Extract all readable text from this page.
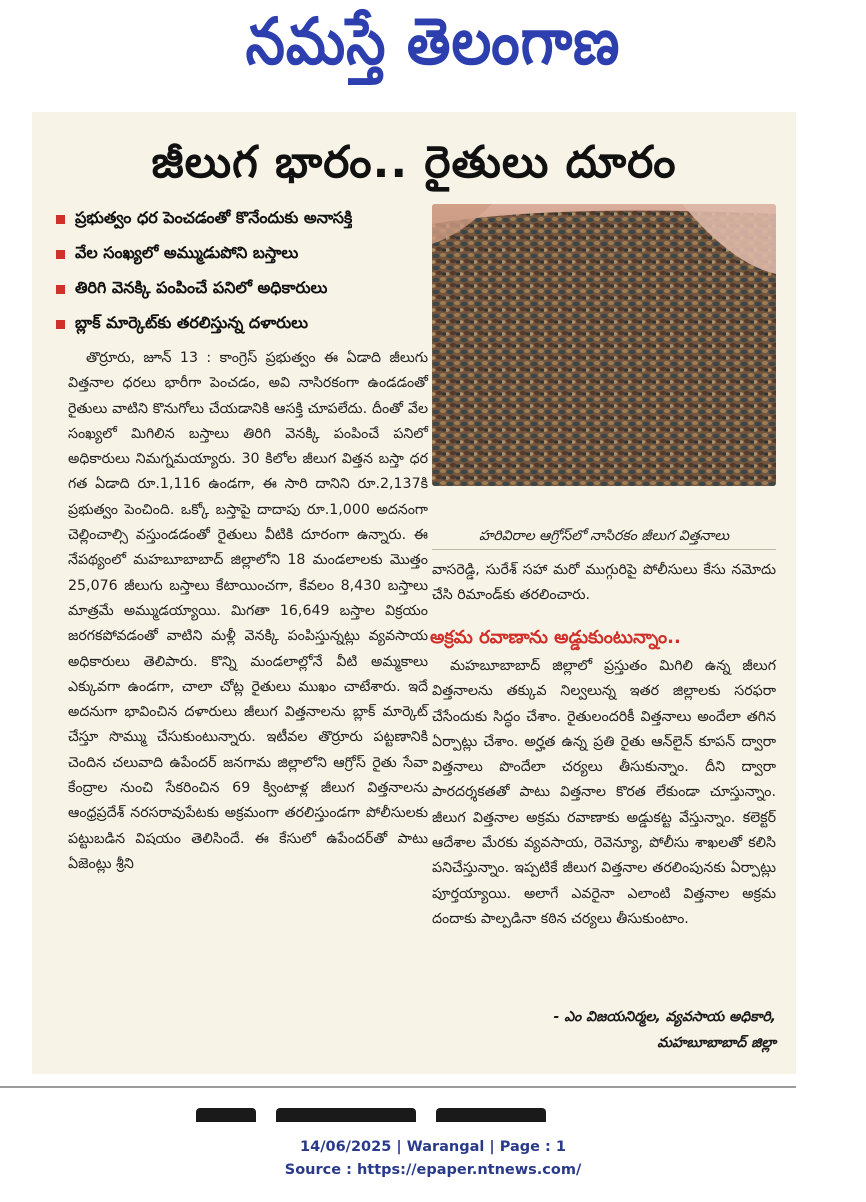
నమస్తే తెలంగాణ
జీలుగ భారం.. రైతులు దూరం
ప్రభుత్వం ధర పెంచడంతో కొనేందుకు అనాసక్తి
వేల సంఖ్యలో అమ్ముడుపోని బస్తాలు
తిరిగి వెనక్కి పంపించే పనిలో అధికారులు
బ్లాక్ మార్కెట్‌కు తరలిస్తున్న దళారులు
హరివిరాల ఆగ్రోస్‌లో నాసిరకం జీలుగ విత్తనాలు

తొర్రూరు, జూన్ 13 : కాంగ్రెస్ ప్రభుత్వం ఈ ఏడాది జీలుగు విత్తనాల ధరలు భారీగా పెంచడం, అవి నాసిరకంగా ఉండడంతో రైతులు వాటిని కొనుగోలు చేయడానికి ఆసక్తి చూపలేదు. దీంతో వేల సంఖ్యలో మిగిలిన బస్తాలు తిరిగి వెనక్కి పంపించే పనిలో అధికారులు నిమగ్నమయ్యారు. 30 కిలోల జీలుగ విత్తన బస్తా ధర గత ఏడాది రూ.1,116 ఉండగా, ఈ సారి దానిని రూ.2,137కి ప్రభుత్వం పెంచింది. ఒక్కో బస్తాపై దాదాపు రూ.1,000 అదనంగా చెల్లించాల్సి వస్తుండడంతో రైతులు వీటికి దూరంగా ఉన్నారు. ఈ నేపథ్యంలో మహబూబాబాద్ జిల్లాలోని 18 మండలాలకు మొత్తం 25,076 జీలుగు బస్తాలు కేటాయించగా, కేవలం 8,430 బస్తాలు మాత్రమే అమ్ముడయ్యాయి. మిగతా 16,649 బస్తాల విక్రయం జరగకపోవడంతో వాటిని మళ్లీ వెనక్కి పంపిస్తున్నట్లు వ్యవసాయ అధికారులు తెలిపారు. కొన్ని మండలాల్లోనే వీటి అమ్మకాలు ఎక్కువగా ఉండగా, చాలా చోట్ల రైతులు ముఖం చాటేశారు. ఇదే అదనుగా భావించిన దళారులు జీలుగ విత్తనాలను బ్లాక్ మార్కెట్ చేస్తూ సొమ్ము చేసుకుంటున్నారు. ఇటీవల తొర్రూరు పట్టణానికి చెందిన చలువాది ఉపేందర్ జనగామ జిల్లాలోని ఆగ్రోస్ రైతు సేవా కేంద్రాల నుంచి సేకరించిన 69 క్వింటాళ్ల జీలుగ విత్తనాలను ఆంధ్రప్రదేశ్ నరసరావుపేటకు అక్రమంగా తరలిస్తుండగా పోలీసులకు పట్టుబడిన విషయం తెలిసిందే. ఈ కేసులో ఉపేందర్‌తో పాటు ఏజెంట్లు శ్రీని

వాసరెడ్డి, సురేశ్ సహా మరో ముగ్గురిపై పోలీసులు కేసు నమోదు చేసి రిమాండ్‌కు తరలించారు.

అక్రమ రవాణాను అడ్డుకుంటున్నాం..

మహబూబాబాద్ జిల్లాలో ప్రస్తుతం మిగిలి ఉన్న జీలుగ విత్తనాలను తక్కువ నిల్వలున్న ఇతర జిల్లాలకు సరఫరా చేసేందుకు సిద్ధం చేశాం. రైతులందరికీ విత్తనాలు అందేలా తగిన ఏర్పాట్లు చేశాం. అర్హత ఉన్న ప్రతి రైతు ఆన్‌లైన్ కూపన్ ద్వారా విత్తనాలు పొందేలా చర్యలు తీసుకున్నాం. దీని ద్వారా పారదర్శకతతో పాటు విత్తనాల కొరత లేకుండా చూస్తున్నాం. జీలుగ విత్తనాల అక్రమ రవాణాకు అడ్డుకట్ట వేస్తున్నాం. కలెక్టర్ ఆదేశాల మేరకు వ్యవసాయ, రెవెన్యూ, పోలీసు శాఖలతో కలిసి పనిచేస్తున్నాం. ఇప్పటికే జీలుగ విత్తనాల తరలింపునకు ఏర్పాట్లు పూర్తయ్యాయి. అలాగే ఎవరైనా ఎలాంటి విత్తనాల అక్రమ దందాకు పాల్పడినా కఠిన చర్యలు తీసుకుంటాం.

- ఎం విజయనిర్మల, వ్యవసాయ అధికారి,
మహబూబాబాద్ జిల్లా
14/06/2025 | Warangal | Page : 1
Source : https://epaper.ntnews.com/
